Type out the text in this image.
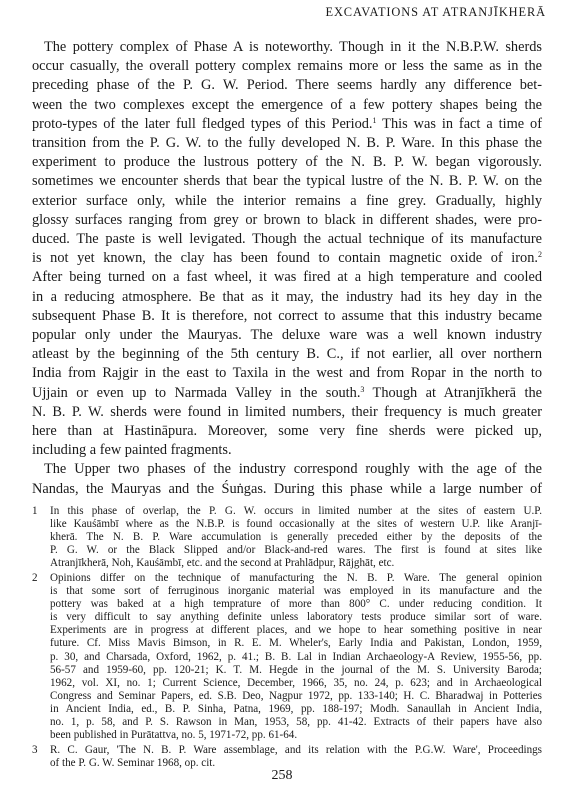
EXCAVATIONS AT ATRANJĪKHERĀ
The pottery complex of Phase A is noteworthy. Though in it the N.B.P.W. sherds
occur casually, the overall pottery complex remains more or less the same as in the
preceding phase of the P. G. W. Period. There seems hardly any difference bet-
ween the two complexes except the emergence of a few pottery shapes being the
proto-types of the later full fledged types of this Period.$^1$ This was in fact a time of
transition from the P. G. W. to the fully developed N. B. P. Ware. In this phase the
experiment to produce the lustrous pottery of the N. B. P. W. began vigorously.
sometimes we encounter sherds that bear the typical lustre of the N. B. P. W. on the
exterior surface only, while the interior remains a fine grey. Gradually, highly
glossy surfaces ranging from grey or brown to black in different shades, were pro-
duced. The paste is well levigated. Though the actual technique of its manufacture
is not yet known, the clay has been found to contain magnetic oxide of iron.$^2$
After being turned on a fast wheel, it was fired at a high temperature and cooled
in a reducing atmosphere. Be that as it may, the industry had its hey day in the
subsequent Phase B. It is therefore, not correct to assume that this industry became
popular only under the Mauryas. The deluxe ware was a well known industry
atleast by the beginning of the 5th century B. C., if not earlier, all over northern
India from Rajgir in the east to Taxila in the west and from Ropar in the north to
Ujjain or even up to Narmada Valley in the south.$^3$ Though at Atranjīkherā the
N. B. P. W. sherds were found in limited numbers, their frequency is much greater
here than at Hastināpura. Moreover, some very fine sherds were picked up,
including a few painted fragments.
The Upper two phases of the industry correspond roughly with the age of the
Nandas, the Mauryas and the Śuṅgas. During this phase while a large number of
1 In this phase of overlap, the P. G. W. occurs in limited number at the sites of eastern U.P.
like Kauśāmbī where as the N.B.P. is found occasionally at the sites of western U.P. like Aranjī-
kherā. The N. B. P. Ware accumulation is generally preceded either by the deposits of the
P. G. W. or the Black Slipped and/or Black-and-red wares. The first is found at sites like
Atranjīkherā, Noh, Kauśāmbī, etc. and the second at Prahlādpur, Rājghāt, etc.
2 Opinions differ on the technique of manufacturing the N. B. P. Ware. The general opinion
is that some sort of ferruginous inorganic material was employed in its manufacture and the
pottery was baked at a high temprature of more than 800° C. under reducing condition. It
is very difficult to say anything definite unless laboratory tests produce similar sort of ware.
Experiments are in progress at different places, and we hope to hear something positive in near
future. Cf. Miss Mavis Bimson, in R. E. M. Wheler's, Early India and Pakistan, London, 1959,
p. 30, and Charsada, Oxford, 1962, p. 41.; B. B. Lal in Indian Archaeology-A Review, 1955-56, pp.
56-57 and 1959-60, pp. 120-21; K. T. M. Hegde in the journal of the M. S. University Baroda;
1962, vol. XI, no. 1; Current Science, December, 1966, 35, no. 24, p. 623; and in Archaeological
Congress and Seminar Papers, ed. S.B. Deo, Nagpur 1972, pp. 133-140; H. C. Bharadwaj in Potteries
in Ancient India, ed., B. P. Sinha, Patna, 1969, pp. 188-197; Modh. Sanaullah in Ancient India,
no. 1, p. 58, and P. S. Rawson in Man, 1953, 58, pp. 41-42. Extracts of their papers have also
been published in Purātattva, no. 5, 1971-72, pp. 61-64.
3 R. C. Gaur, 'The N. B. P. Ware assemblage, and its relation with the P.G.W. Ware', Proceedings
of the P. G. W. Seminar 1968, op. cit.
258
